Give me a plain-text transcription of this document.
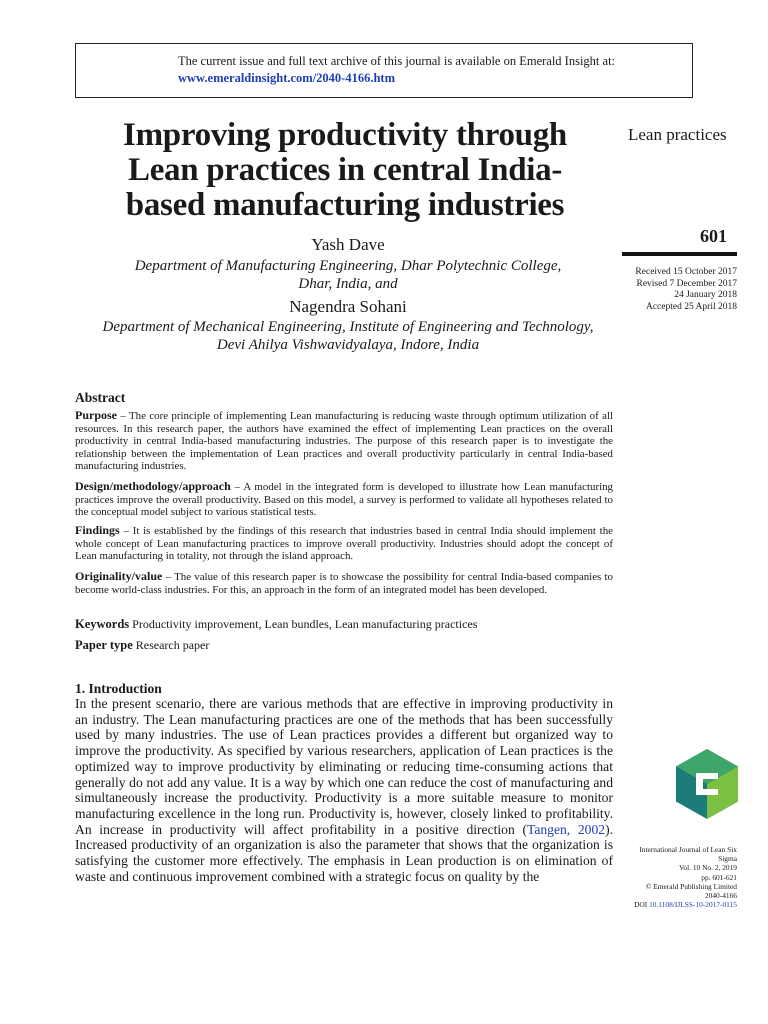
The current issue and full text archive of this journal is available on Emerald Insight at:
www.emeraldinsight.com/2040-4166.htm
Improving productivity through
Lean practices in central India-
based manufacturing industries
Yash Dave
Department of Manufacturing Engineering, Dhar Polytechnic College,
Dhar, India, and
Nagendra Sohani
Department of Mechanical Engineering, Institute of Engineering and Technology,
Devi Ahilya Vishwavidyalaya, Indore, India
Lean practices
601
Received 15 October 2017
Revised 7 December 2017
24 January 2018
Accepted 25 April 2018
Abstract
Purpose – The core principle of implementing Lean manufacturing is reducing waste through optimum utilization of all resources. In this research paper, the authors have examined the effect of implementing Lean practices on the overall productivity in central India-based manufacturing industries. The purpose of this research paper is to investigate the relationship between the implementation of Lean practices and overall productivity particularly in central India-based manufacturing industries.
Design/methodology/approach – A model in the integrated form is developed to illustrate how Lean manufacturing practices improve the overall productivity. Based on this model, a survey is performed to validate all hypotheses related to the conceptual model subject to various statistical tests.
Findings – It is established by the findings of this research that industries based in central India should implement the whole concept of Lean manufacturing practices to improve overall productivity. Industries should adopt the concept of Lean manufacturing in totality, not through the island approach.
Originality/value – The value of this research paper is to showcase the possibility for central India-based companies to become world-class industries. For this, an approach in the form of an integrated model has been developed.
Keywords Productivity improvement, Lean bundles, Lean manufacturing practices
Paper type Research paper
1. Introduction
In the present scenario, there are various methods that are effective in improving productivity in an industry. The Lean manufacturing practices are one of the methods that has been successfully used by many industries. The use of Lean practices provides a different but organized way to improve the productivity. As specified by various researchers, application of Lean practices is the optimized way to improve productivity by eliminating or reducing time-consuming actions that generally do not add any value. It is a way by which one can reduce the cost of manufacturing and simultaneously increase the productivity. Productivity is a more suitable measure to monitor manufacturing excellence in the long run. Productivity is, however, closely linked to profitability. An increase in productivity will affect profitability in a positive direction (Tangen, 2002). Increased productivity of an organization is also the parameter that shows that the organization is satisfying the customer more effectively. The emphasis in Lean production is on elimination of waste and continuous improvement combined with a strategic focus on quality by the
International Journal of Lean Six
Sigma
Vol. 10 No. 2, 2019
pp. 601-621
© Emerald Publishing Limited
2040-4166
DOI 10.1108/IJLSS-10-2017-0115
